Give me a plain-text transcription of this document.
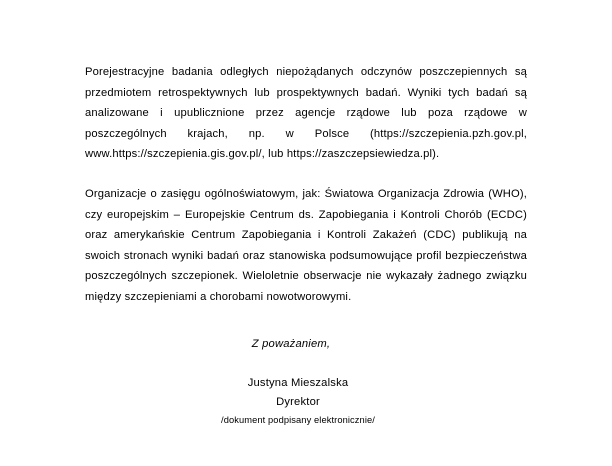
Porejestracyjne badania odległych niepożądanych odczynów poszczepiennych są przedmiotem retrospektywnych lub prospektywnych badań. Wyniki tych badań są analizowane i upublicznione przez agencje rządowe lub poza rządowe w poszczególnych krajach, np. w Polsce (https://szczepienia.pzh.gov.pl, www.https://szczepienia.gis.gov.pl/, lub https://zaszczepsiewiedza.pl).

Organizacje o zasięgu ogólnoświatowym, jak: Światowa Organizacja Zdrowia (WHO), czy europejskim – Europejskie Centrum ds. Zapobiegania i Kontroli Chorób (ECDC) oraz amerykańskie Centrum Zapobiegania i Kontroli Zakażeń (CDC) publikują na swoich stronach wyniki badań oraz stanowiska podsumowujące profil bezpieczeństwa poszczególnych szczepionek. Wieloletnie obserwacje nie wykazały żadnego związku między szczepieniami a chorobami nowotworowymi.

Z poważaniem,
Justyna Mieszalska
Dyrektor
/dokument podpisany elektronicznie/
